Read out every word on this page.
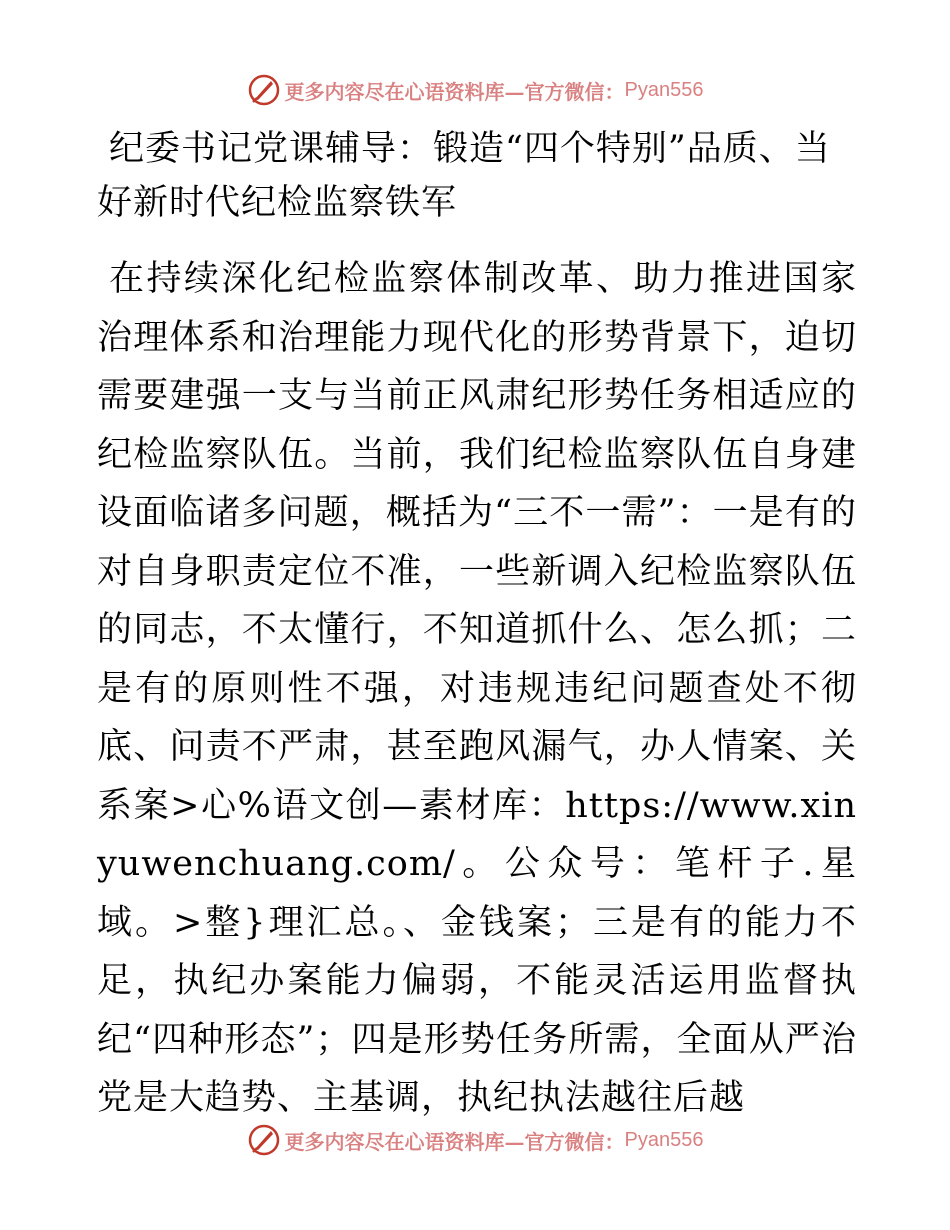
更多内容尽在心语资料库—官方微信： Pyan556
纪委书记党课辅导：锻造“四个特别”品质、当好新时代纪检监察铁军
在持续深化纪检监察体制改革、助力推进国家治理体系和治理能力现代化的形势背景下，迫切需要建强一支与当前正风肃纪形势任务相适应的纪检监察队伍。当前，我们纪检监察队伍自身建设面临诸多问题，概括为“三不一需”：一是有的对自身职责定位不准，一些新调入纪检监察队伍的同志，不太懂行，不知道抓什么、怎么抓；二是有的原则性不强，对违规违纪问题查处不彻底、问责不严肃，甚至跑风漏气，办人情案、关系案>心%语文创—素材库：https://www.xinyuwenchuang.com/。公众号：笔杆子.星域。>整}理汇总。、金钱案；三是有的能力不足，执纪办案能力偏弱，不能灵活运用监督执纪“四种形态”；四是形势任务所需，全面从严治党是大趋势、主基调，执纪执法越往后越
更多内容尽在心语资料库—官方微信： Pyan556
